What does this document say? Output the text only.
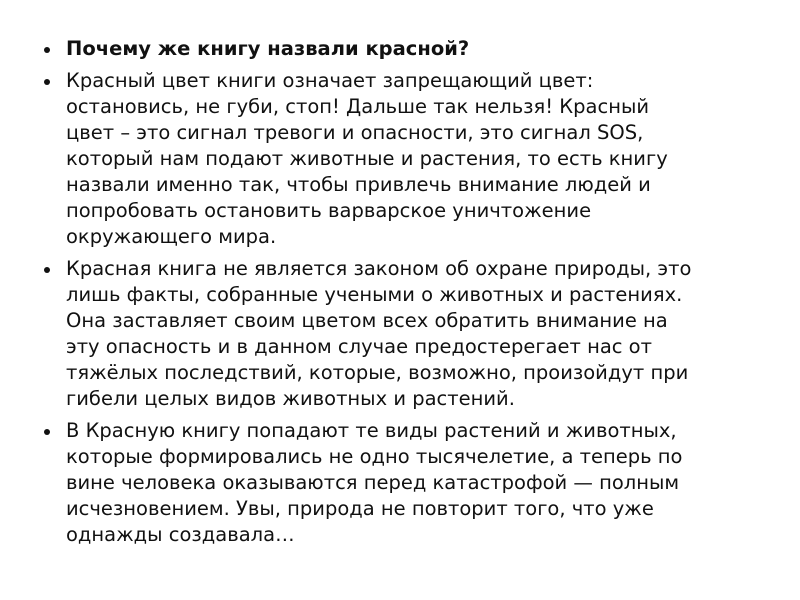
Почему же книгу назвали красной?
Красный цвет книги означает запрещающий цвет:
остановись, не губи, стоп! Дальше так нельзя! Красный
цвет – это сигнал тревоги и опасности, это сигнал SOS,
который нам подают животные и растения, то есть книгу
назвали именно так, чтобы привлечь внимание людей и
попробовать остановить варварское уничтожение
окружающего мира.
Красная книга не является законом об охране природы, это
лишь факты, собранные учеными о животных и растениях.
Она заставляет своим цветом всех обратить внимание на
эту опасность и в данном случае предостерегает нас от
тяжёлых последствий, которые, возможно, произойдут при
гибели целых видов животных и растений.
В Красную книгу попадают те виды растений и животных,
которые формировались не одно тысячелетие, а теперь по
вине человека оказываются перед катастрофой — полным
исчезновением. Увы, природа не повторит того, что уже
однажды создавала…
